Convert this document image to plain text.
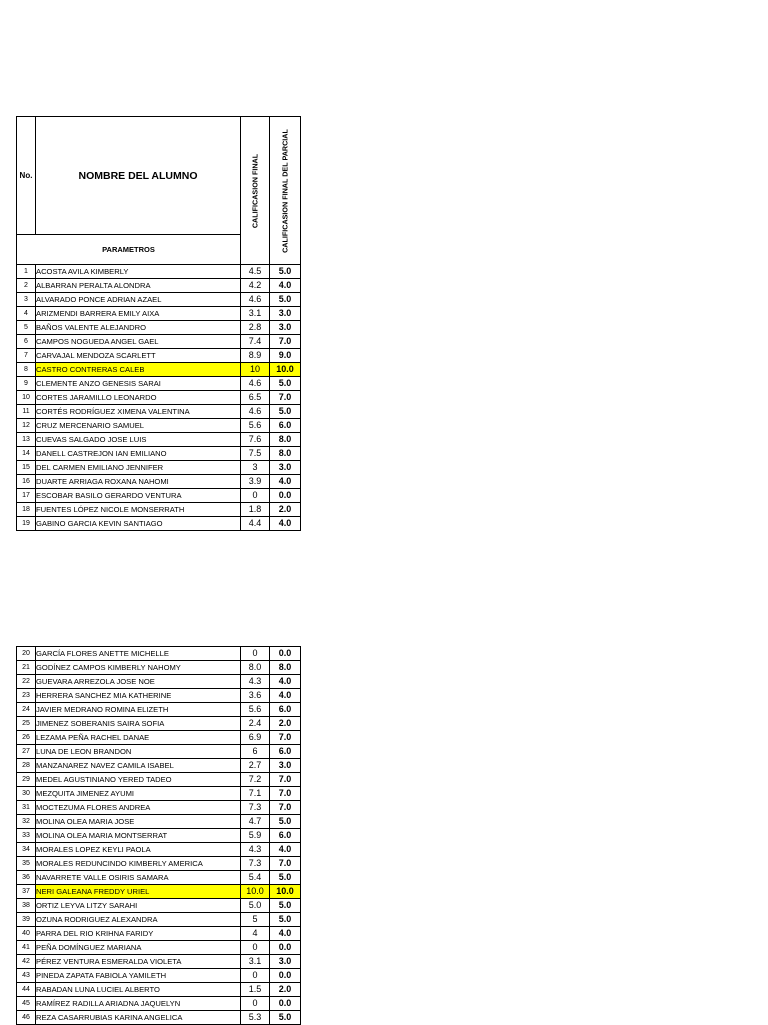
No.	NOMBRE DEL ALUMNO	CALIFICASION FINAL	CALIFICASION FINAL DEL PARCIAL

PARAMETROS			
1	ACOSTA AVILA KIMBERLY	4.5	5.0
2	ALBARRAN PERALTA ALONDRA	4.2	4.0
3	ALVARADO PONCE ADRIAN AZAEL	4.6	5.0
4	ARIZMENDI BARRERA EMILY AIXA	3.1	3.0
5	BAÑOS VALENTE ALEJANDRO	2.8	3.0
6	CAMPOS NOGUEDA ANGEL GAEL	7.4	7.0
7	CARVAJAL MENDOZA SCARLETT	8.9	9.0
8	CASTRO CONTRERAS CALEB	10	10.0
9	CLEMENTE ANZO GENESIS SARAI	4.6	5.0
10	CORTES JARAMILLO LEONARDO	6.5	7.0
11	CORTÉS RODRÍGUEZ XIMENA VALENTINA	4.6	5.0
12	CRUZ MERCENARIO SAMUEL	5.6	6.0
13	CUEVAS SALGADO JOSE LUIS	7.6	8.0
14	DANELL CASTREJON IAN EMILIANO	7.5	8.0
15	DEL CARMEN EMILIANO JENNIFER	3	3.0
16	DUARTE ARRIAGA ROXANA NAHOMI	3.9	4.0
17	ESCOBAR BASILO GERARDO VENTURA	0	0.0
18	FUENTES LÓPEZ NICOLE MONSERRATH	1.8	2.0
19	GABINO GARCIA KEVIN SANTIAGO	4.4	4.0
20	GARCÍA FLORES ANETTE MICHELLE	0	0.0
21	GODÍNEZ CAMPOS KIMBERLY NAHOMY	8.0	8.0
22	GUEVARA ARREZOLA JOSE NOE	4.3	4.0
23	HERRERA SANCHEZ MIA KATHERINE	3.6	4.0
24	JAVIER MEDRANO ROMINA ELIZETH	5.6	6.0
25	JIMENEZ SOBERANIS SAIRA SOFIA	2.4	2.0
26	LEZAMA PEÑA RACHEL DANAE	6.9	7.0
27	LUNA DE LEON BRANDON	6	6.0
28	MANZANAREZ NAVEZ CAMILA ISABEL	2.7	3.0
29	MEDEL AGUSTINIANO YERED TADEO	7.2	7.0
30	MEZQUITA JIMENEZ AYUMI	7.1	7.0
31	MOCTEZUMA FLORES ANDREA	7.3	7.0
32	MOLINA OLEA MARIA JOSE	4.7	5.0
33	MOLINA OLEA MARIA MONTSERRAT	5.9	6.0
34	MORALES LOPEZ KEYLI PAOLA	4.3	4.0
35	MORALES REDUNCINDO KIMBERLY AMERICA	7.3	7.0
36	NAVARRETE VALLE OSIRIS SAMARA	5.4	5.0
37	NERI GALEANA FREDDY URIEL	10.0	10.0
38	ORTIZ LEYVA LITZY SARAHI	5.0	5.0
39	OZUNA RODRIGUEZ ALEXANDRA	5	5.0
40	PARRA DEL RIO KRIHNA FARIDY	4	4.0
41	PEÑA DOMÍNGUEZ MARIANA	0	0.0
42	PÉREZ VENTURA ESMERALDA VIOLETA	3.1	3.0
43	PINEDA ZAPATA FABIOLA YAMILETH	0	0.0
44	RABADAN LUNA LUCIEL ALBERTO	1.5	2.0
45	RAMÍREZ RADILLA ARIADNA JAQUELYN	0	0.0
46	REZA CASARRUBIAS KARINA ANGELICA	5.3	5.0
